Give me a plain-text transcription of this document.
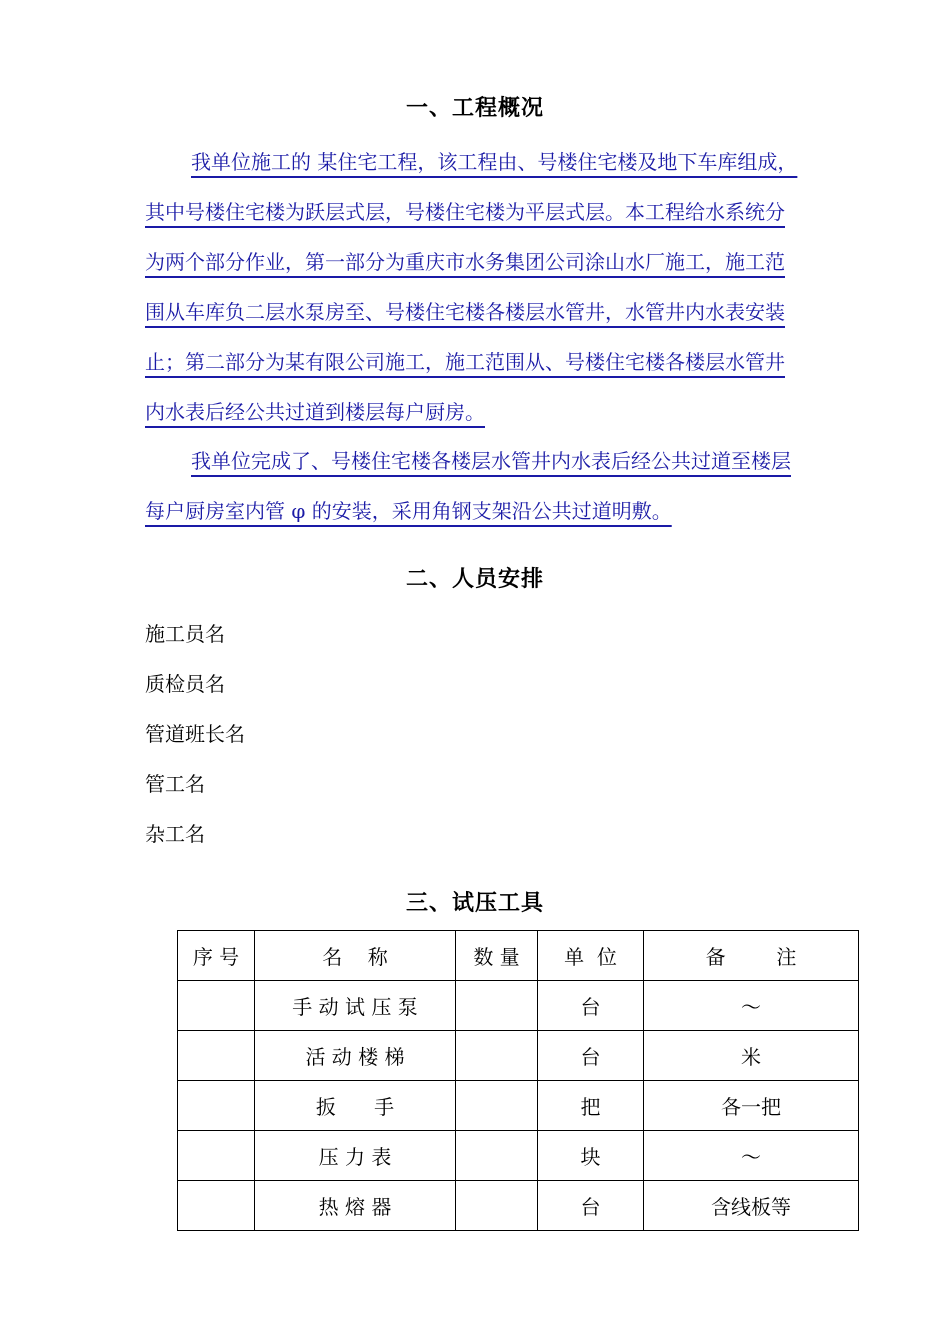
一、工程概况
我单位施工的 某住宅工程，该工程由、号楼住宅楼及地下车库组成，
其中号楼住宅楼为跃层式层，号楼住宅楼为平层式层。本工程给水系统分
为两个部分作业，第一部分为重庆市水务集团公司涂山水厂施工，施工范
围从车库负二层水泵房至、号楼住宅楼各楼层水管井，水管井内水表安装
止；第二部分为某有限公司施工，施工范围从、号楼住宅楼各楼层水管井
内水表后经公共过道到楼层每户厨房。
我单位完成了、号楼住宅楼各楼层水管井内水表后经公共过道至楼层
每户厨房室内管 φ 的安装，采用角钢支架沿公共过道明敷。
二、人员安排
施工员名
质检员名
管道班长名
管工名
杂工名
三、试压工具
序 号	名    称	数 量	单  位	备        注
	手 动 试 压 泵		台	～
	活 动 楼 梯		台	米
	扳      手		把	各一把
	压 力 表		块	～
	热 熔 器		台	含线板等
